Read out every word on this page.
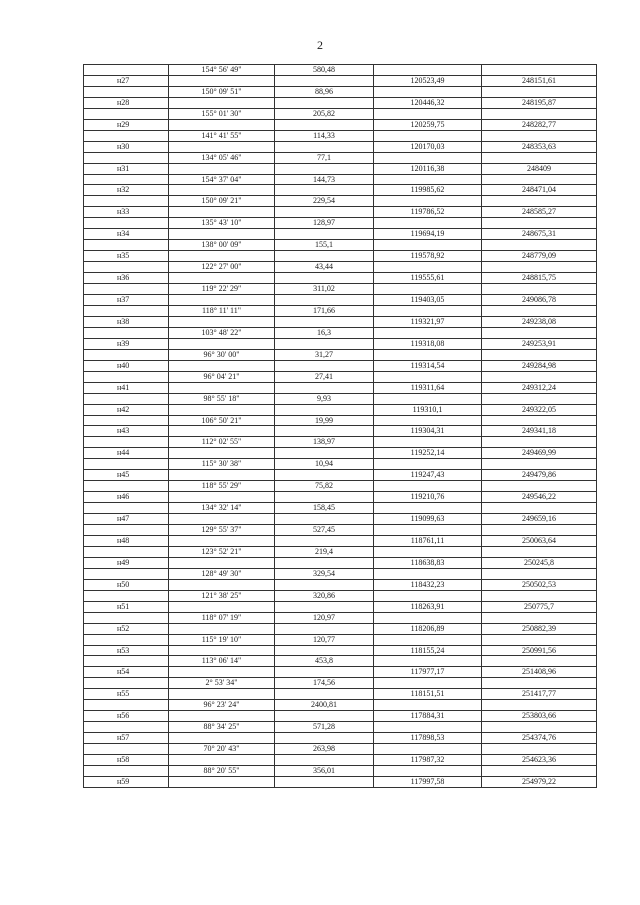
2
	154° 56' 49"	580,48		
н27			120523,49	248151,61
	150° 09' 51"	88,96		
н28			120446,32	248195,87
	155° 01' 30"	205,82		
н29			120259,75	248282,77
	141° 41' 55"	114,33		
н30			120170,03	248353,63
	134° 05' 46"	77,1		
н31			120116,38	248409
	154° 37' 04"	144,73		
н32			119985,62	248471,04
	150° 09' 21"	229,54		
н33			119786,52	248585,27
	135° 43' 10"	128,97		
н34			119694,19	248675,31
	138° 00' 09"	155,1		
н35			119578,92	248779,09
	122° 27' 00"	43,44		
н36			119555,61	248815,75
	119° 22' 29"	311,02		
н37			119403,05	249086,78
	118° 11' 11"	171,66		
н38			119321,97	249238,08
	103° 48' 22"	16,3		
н39			119318,08	249253,91
	96° 30' 00"	31,27		
н40			119314,54	249284,98
	96° 04' 21"	27,41		
н41			119311,64	249312,24
	98° 55' 18"	9,93		
н42			119310,1	249322,05
	106° 50' 21"	19,99		
н43			119304,31	249341,18
	112° 02' 55"	138,97		
н44			119252,14	249469,99
	115° 30' 38"	10,94		
н45			119247,43	249479,86
	118° 55' 29"	75,82		
н46			119210,76	249546,22
	134° 32' 14"	158,45		
н47			119099,63	249659,16
	129° 55' 37"	527,45		
н48			118761,11	250063,64
	123° 52' 21"	219,4		
н49			118638,83	250245,8
	128° 49' 30"	329,54		
н50			118432,23	250502,53
	121° 38' 25"	320,86		
н51			118263,91	250775,7
	118° 07' 19"	120,97		
н52			118206,89	250882,39
	115° 19' 10"	120,77		
н53			118155,24	250991,56
	113° 06' 14"	453,8		
н54			117977,17	251408,96
	2° 53' 34"	174,56		
н55			118151,51	251417,77
	96° 23' 24"	2400,81		
н56			117884,31	253803,66
	88° 34' 25"	571,28		
н57			117898,53	254374,76
	70° 20' 43"	263,98		
н58			117987,32	254623,36
	88° 20' 55"	356,01		
н59			117997,58	254979,22
